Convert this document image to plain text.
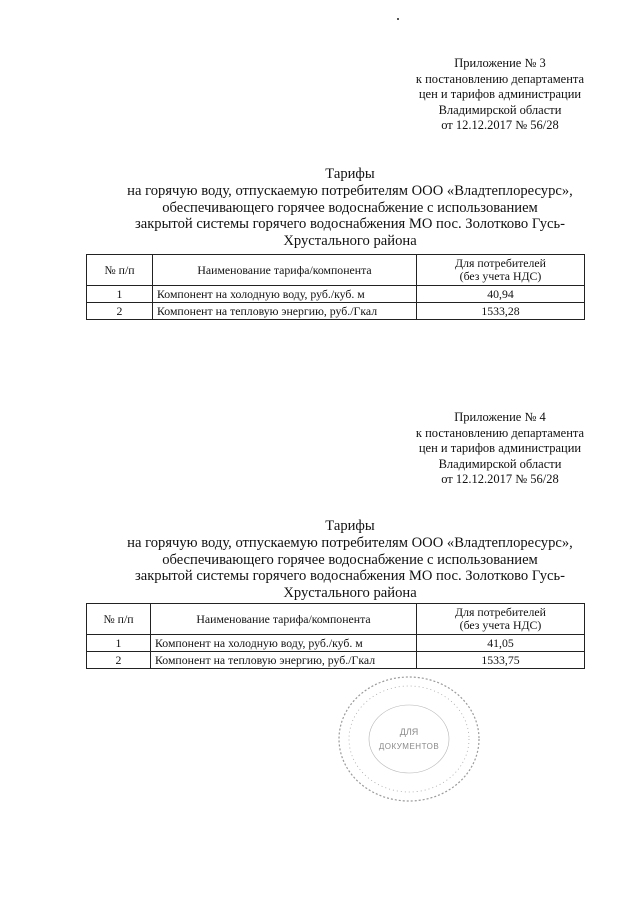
Приложение № 3
к постановлению департамента
цен и тарифов администрации
Владимирской области
от 12.12.2017 № 56/28
Тарифы
на горячую воду, отпускаемую потребителям ООО «Владтеплоресурс»,
обеспечивающего горячее водоснабжение с использованием
закрытой системы горячего водоснабжения МО пос. Золотково Гусь-
Хрустального района
№ п/п	Наименование тарифа/компонента	Для потребителей
(без учета НДС)

1	Компонент на холодную воду, руб./куб. м	40,94
2	Компонент на тепловую энергию, руб./Гкал	1533,28
Приложение № 4
к постановлению департамента
цен и тарифов администрации
Владимирской области
от 12.12.2017 № 56/28
Тарифы
на горячую воду, отпускаемую потребителям ООО «Владтеплоресурс»,
обеспечивающего горячее водоснабжение с использованием
закрытой системы горячего водоснабжения МО пос. Золотково Гусь-
Хрустального района
№ п/п	Наименование тарифа/компонента	Для потребителей
(без учета НДС)

1	Компонент на холодную воду, руб./куб. м	41,05
2	Компонент на тепловую энергию, руб./Гкал	1533,75
ДЛЯ
ДОКУМЕНТОВ
